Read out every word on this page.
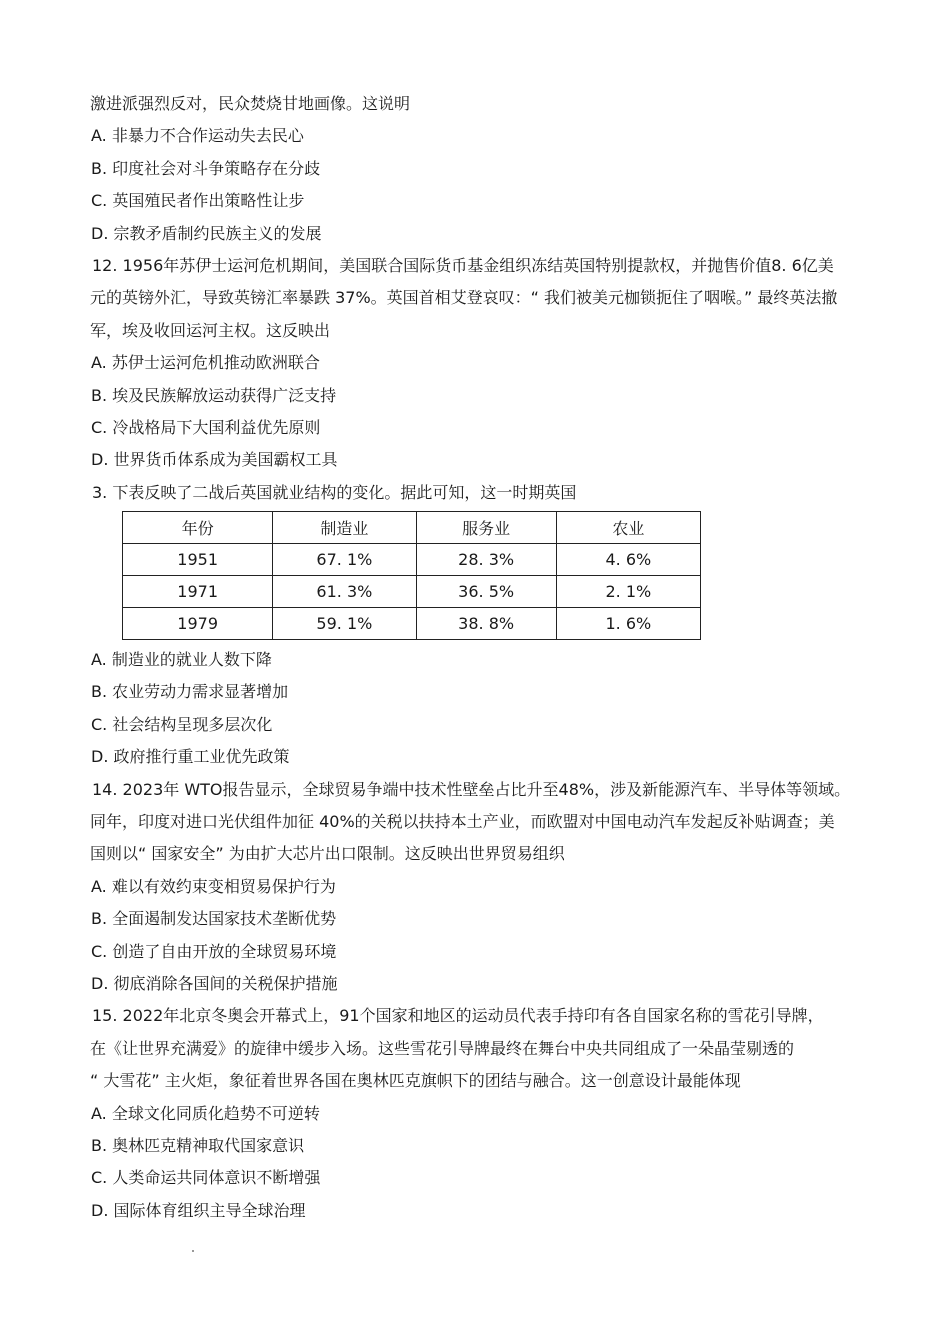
激进派强烈反对，民众焚烧甘地画像。这说明
A. 非暴力不合作运动失去民心
B. 印度社会对斗争策略存在分歧
C. 英国殖民者作出策略性让步
D. 宗教矛盾制约民族主义的发展
12. 1956年苏伊士运河危机期间，美国联合国际货币基金组织冻结英国特别提款权，并抛售价值8. 6亿美
元的英镑外汇，导致英镑汇率暴跌 37%。英国首相艾登哀叹：“ 我们被美元枷锁扼住了咽喉。” 最终英法撤
军，埃及收回运河主权。这反映出
A. 苏伊士运河危机推动欧洲联合
B. 埃及民族解放运动获得广泛支持
C. 冷战格局下大国利益优先原则
D. 世界货币体系成为美国霸权工具
3. 下表反映了二战后英国就业结构的变化。据此可知，这一时期英国
年份	制造业	服务业	农业
1951	67. 1%	28. 3%	4. 6%
1971	61. 3%	36. 5%	2. 1%
1979	59. 1%	38. 8%	1. 6%
A. 制造业的就业人数下降
B. 农业劳动力需求显著增加
C. 社会结构呈现多层次化
D. 政府推行重工业优先政策
14. 2023年 WTO报告显示，全球贸易争端中技术性壁垒占比升至48%，涉及新能源汽车、半导体等领域。
同年，印度对进口光伏组件加征 40%的关税以扶持本土产业，而欧盟对中国电动汽车发起反补贴调查；美
国则以“ 国家安全” 为由扩大芯片出口限制。这反映出世界贸易组织
A. 难以有效约束变相贸易保护行为
B. 全面遏制发达国家技术垄断优势
C. 创造了自由开放的全球贸易环境
D. 彻底消除各国间的关税保护措施
15. 2022年北京冬奥会开幕式上，91个国家和地区的运动员代表手持印有各自国家名称的雪花引导牌，
在《让世界充满爱》的旋律中缓步入场。这些雪花引导牌最终在舞台中央共同组成了一朵晶莹剔透的
“ 大雪花” 主火炬，象征着世界各国在奥林匹克旗帜下的团结与融合。这一创意设计最能体现
A. 全球文化同质化趋势不可逆转
B. 奥林匹克精神取代国家意识
C. 人类命运共同体意识不断增强
D. 国际体育组织主导全球治理
